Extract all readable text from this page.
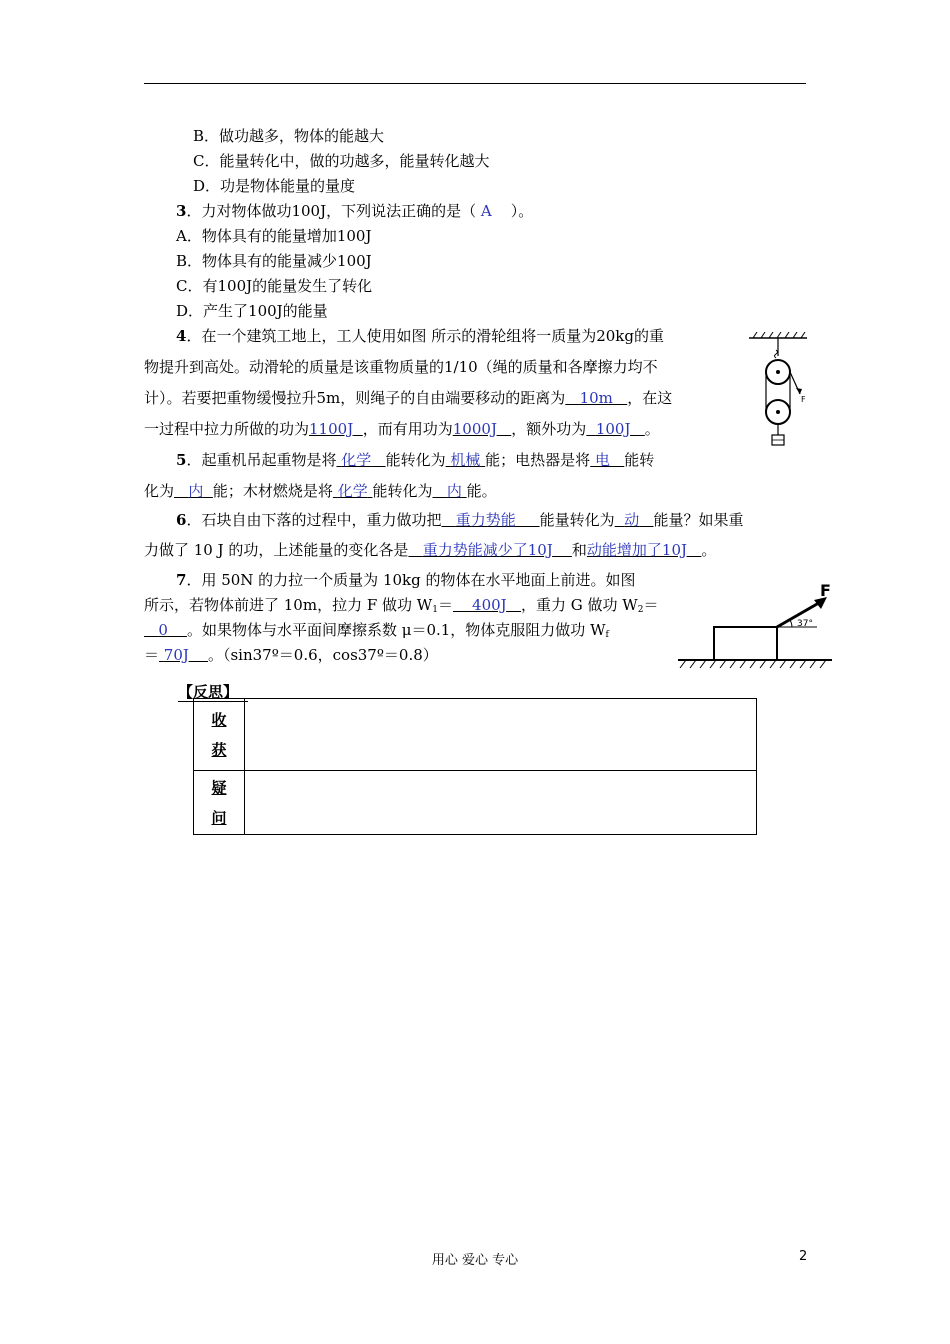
B．做功越多，物体的能越大
C．能量转化中，做的功越多，能量转化越大
D．功是物体能量的量度
3．力对物体做功100J，下列说法正确的是（ A ）。
A．物体具有的能量增加100J
B．物体具有的能量减少100J
C．有100J的能量发生了转化
D．产生了100J的能量
4．在一个建筑工地上，工人使用如图 所示的滑轮组将一质量为20kg的重
物提升到高处。动滑轮的质量是该重物质量的1/10（绳的质量和各摩擦力均不
计）。若要把重物缓慢拉升5m，则绳子的自由端要移动的距离为 10m ，在这
一过程中拉力所做的功为1100J ，而有用功为1000J ，额外功为 100J 。
F
5．起重机吊起重物是将 化学 能转化为 机械 能；电热器是将 电 能转
化为 内 能；木材燃烧是将 化学 能转化为 内 能。
6．石块自由下落的过程中，重力做功把 重力势能 能量转化为 动 能量？如果重
力做了 10 J 的功，上述能量的变化各是 重力势能减少了10J 和动能增加了10J 。
7．用 50N 的力拉一个质量为 10kg 的物体在水平地面上前进。如图
所示，若物体前进了 10m，拉力 F 做功 $W_1= 400J$ ，重力 G 做功 $W_2=$
0 。如果物体与水平面间摩擦系数 μ＝0.1，物体克服阻力做功 $W_f$
＝ 70J 。（sin37º＝0.6，cos37º＝0.8）
F
37°
【反思】
收
获	

疑
问	

用心 爱心 专心	2
